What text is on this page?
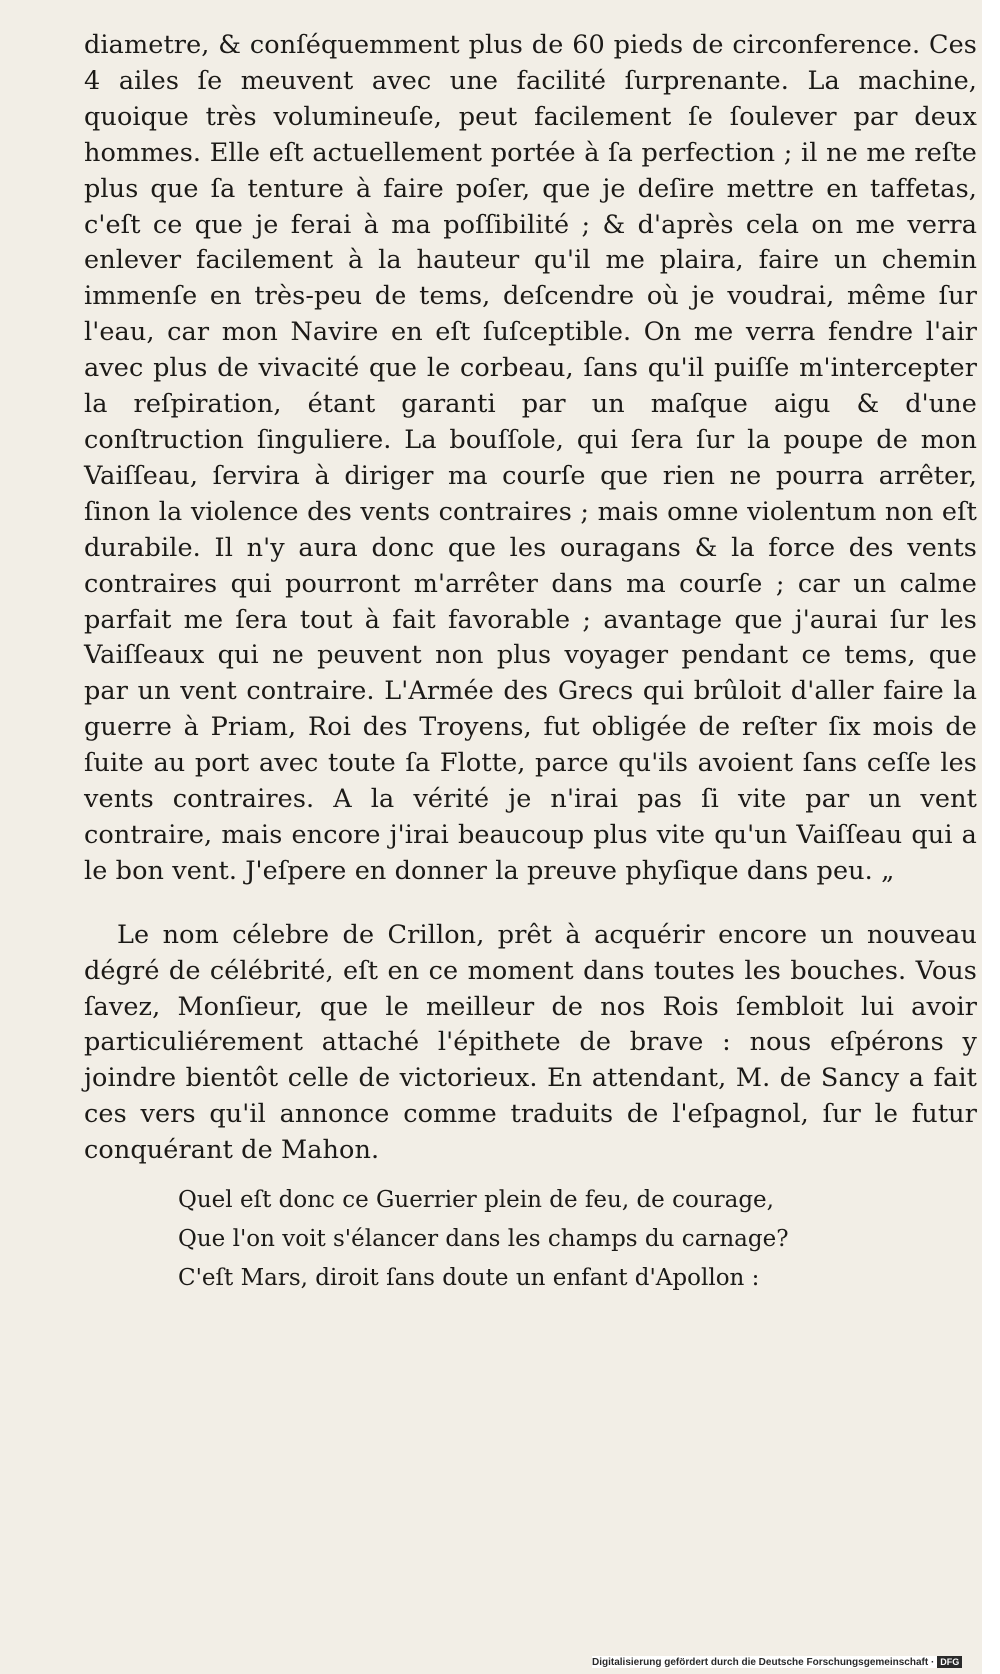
diametre, & conſéquemment plus de 60 pieds de circonference. Ces 4 ailes ſe meuvent avec une facilité ſurprenante. La machine, quoique très volumineuſe, peut facilement ſe ſoulever par deux hommes. Elle eſt actuellement portée à ſa perfection ; il ne me reſte plus que ſa tenture à faire poſer, que je deſire mettre en taffetas, c'eſt ce que je ferai à ma poſſibilité ; & d'après cela on me verra enlever facilement à la hauteur qu'il me plaira, faire un chemin immenſe en très-peu de tems, deſcendre où je voudrai, même ſur l'eau, car mon Navire en eſt ſuſceptible. On me verra fendre l'air avec plus de vivacité que le corbeau, ſans qu'il puiſſe m'intercepter la reſpiration, étant garanti par un maſque aigu & d'une conſtruction ſinguliere. La bouſſole, qui ſera ſur la poupe de mon Vaiſſeau, ſervira à diriger ma courſe que rien ne pourra arrêter, ſinon la violence des vents contraires ; mais omne violentum non eſt durabile. Il n'y aura donc que les ouragans & la force des vents contraires qui pourront m'arrêter dans ma courſe ; car un calme parfait me ſera tout à fait favorable ; avantage que j'aurai ſur les Vaiſſeaux qui ne peuvent non plus voyager pendant ce tems, que par un vent contraire. L'Armée des Grecs qui brûloit d'aller faire la guerre à Priam, Roi des Troyens, fut obligée de reſter ſix mois de ſuite au port avec toute ſa Flotte, parce qu'ils avoient ſans ceſſe les vents contraires. A la vérité je n'irai pas ſi vite par un vent contraire, mais encore j'irai beaucoup plus vite qu'un Vaiſſeau qui a le bon vent. J'eſpere en donner la preuve phyſique dans peu. „

Le nom célebre de Crillon, prêt à acquérir encore un nouveau dégré de célébrité, eſt en ce moment dans toutes les bouches. Vous ſavez, Monſieur, que le meilleur de nos Rois ſembloit lui avoir particuliérement attaché l'épithete de brave : nous eſpérons y joindre bientôt celle de victorieux. En attendant, M. de Sancy a fait ces vers qu'il annonce comme traduits de l'eſpagnol, ſur le futur conquérant de Mahon.

Quel eſt donc ce Guerrier plein de feu, de courage,
Que l'on voit s'élancer dans les champs du carnage?
C'eſt Mars, diroit ſans doute un enfant d'Apollon :
Digitalisierung gefördert durch die Deutsche Forschungsgemeinschaft · DFG
